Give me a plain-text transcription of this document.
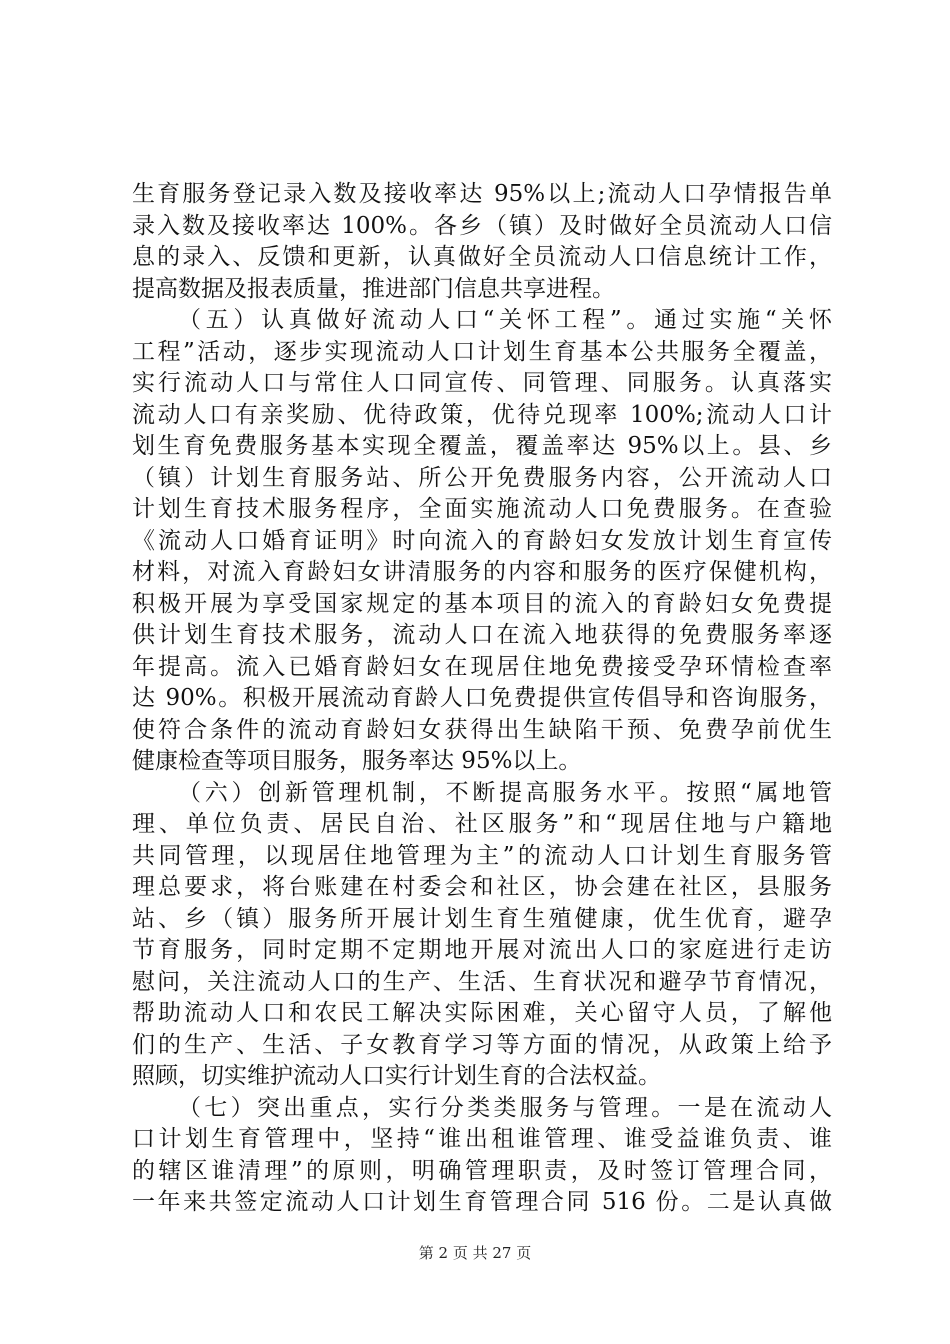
生育服务登记录入数及接收率达 95%以上;流动人口孕情报告单
录入数及接收率达 100%。各乡（镇）及时做好全员流动人口信
息的录入、反馈和更新，认真做好全员流动人口信息统计工作，
提高数据及报表质量，推进部门信息共享进程。
（五）认真做好流动人口“关怀工程”。通过实施“关怀
工程”活动，逐步实现流动人口计划生育基本公共服务全覆盖，
实行流动人口与常住人口同宣传、同管理、同服务。认真落实
流动人口有亲奖励、优待政策，优待兑现率 100%;流动人口计
划生育免费服务基本实现全覆盖，覆盖率达 95%以上。县、乡
（镇）计划生育服务站、所公开免费服务内容，公开流动人口
计划生育技术服务程序，全面实施流动人口免费服务。在查验
《流动人口婚育证明》时向流入的育龄妇女发放计划生育宣传
材料，对流入育龄妇女讲清服务的内容和服务的医疗保健机构，
积极开展为享受国家规定的基本项目的流入的育龄妇女免费提
供计划生育技术服务，流动人口在流入地获得的免费服务率逐
年提高。流入已婚育龄妇女在现居住地免费接受孕环情检查率
达 90%。积极开展流动育龄人口免费提供宣传倡导和咨询服务，
使符合条件的流动育龄妇女获得出生缺陷干预、免费孕前优生
健康检查等项目服务，服务率达 95%以上。
（六）创新管理机制，不断提高服务水平。按照“属地管
理、单位负责、居民自治、社区服务”和“现居住地与户籍地
共同管理，以现居住地管理为主”的流动人口计划生育服务管
理总要求，将台账建在村委会和社区，协会建在社区，县服务
站、乡（镇）服务所开展计划生育生殖健康，优生优育，避孕
节育服务，同时定期不定期地开展对流出人口的家庭进行走访
慰问，关注流动人口的生产、生活、生育状况和避孕节育情况，
帮助流动人口和农民工解决实际困难，关心留守人员，了解他
们的生产、生活、子女教育学习等方面的情况，从政策上给予
照顾，切实维护流动人口实行计划生育的合法权益。
（七）突出重点，实行分类类服务与管理。一是在流动人
口计划生育管理中，坚持“谁出租谁管理、谁受益谁负责、谁
的辖区谁清理”的原则，明确管理职责，及时签订管理合同，
一年来共签定流动人口计划生育管理合同 516 份。二是认真做
第 2 页 共 27 页
